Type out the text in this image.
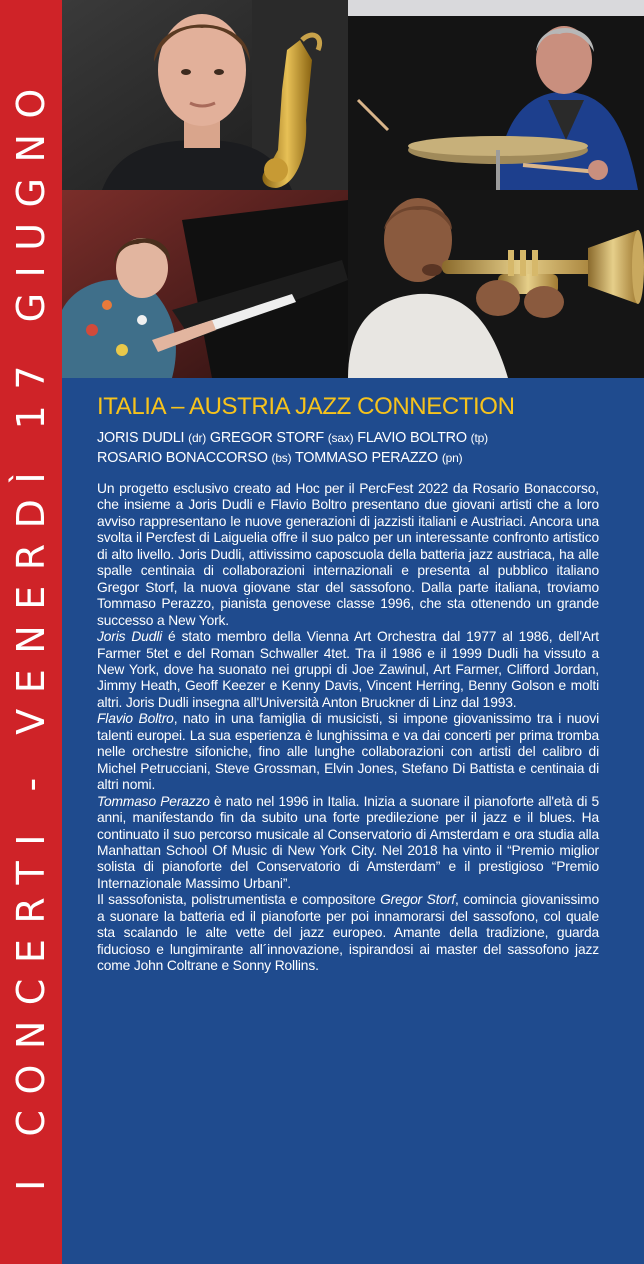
I CONCERTI - VENERDÌ 17 GIUGNO ITALIA – AUSTRIA JAZZ CONNECTION
JORIS DUDLI (dr) GREGOR STORF (sax) FLAVIO BOLTRO (tp)
ROSARIO BONACCORSO (bs) TOMMASO PERAZZO (pn)

Un progetto esclusivo creato ad Hoc per il PercFest 2022 da Rosario Bonaccorso, che insieme a Joris Dudli e Flavio Boltro presentano due giovani artisti che a loro avviso rappresentano le nuove generazioni di jazzisti italiani e Austriaci. Ancora una svolta il Percfest di Laiguelia offre il suo palco per un interessante confronto artistico di alto livello. Joris Dudli, attivissimo caposcuola della batteria jazz austriaca, ha alle spalle centinaia di collaborazioni internazionali e presenta al pubblico italiano Gregor Storf, la nuova giovane star del sassofono. Dalla parte italiana, troviamo Tommaso Perazzo, pianista genovese classe 1996, che sta ottenendo un grande successo a New York.

Joris Dudli é stato membro della Vienna Art Orchestra dal 1977 al 1986, dell'Art Farmer 5tet e del Roman Schwaller 4tet. Tra il 1986 e il 1999 Dudli ha vissuto a New York, dove ha suonato nei gruppi di Joe Zawinul, Art Farmer, Clifford Jordan, Jimmy Heath, Geoff Keezer e Kenny Davis, Vincent Herring, Benny Golson e molti altri. Joris Dudli insegna all'Università Anton Bruckner di Linz dal 1993.

Flavio Boltro, nato in una famiglia di musicisti, si impone giovanissimo tra i nuovi talenti europei. La sua esperienza è lunghissima e va dai concerti per prima tromba nelle orchestre sifoniche, fino alle lunghe collaborazioni con artisti del calibro di Michel Petrucciani, Steve Grossman, Elvin Jones, Stefano Di Battista e centinaia di altri nomi.

Tommaso Perazzo è nato nel 1996 in Italia. Inizia a suonare il pianoforte all'età di 5 anni, manifestando fin da subito una forte predilezione per il jazz e il blues. Ha continuato il suo percorso musicale al Conservatorio di Amsterdam e ora studia alla Manhattan School Of Music di New York City. Nel 2018 ha vinto il “Premio miglior solista di pianoforte del Conservatorio di Amsterdam” e il prestigioso “Premio Internazionale Massimo Urbani”.

Il sassofonista, polistrumentista e compositore Gregor Storf, comincia giovanissimo a suonare la batteria ed il pianoforte per poi innamorarsi del sassofono, col quale sta scalando le alte vette del jazz europeo. Amante della tradizione, guarda fiducioso e lungimirante all´innovazione, ispirandosi ai master del sassofono jazz come John Coltrane e Sonny Rollins.
